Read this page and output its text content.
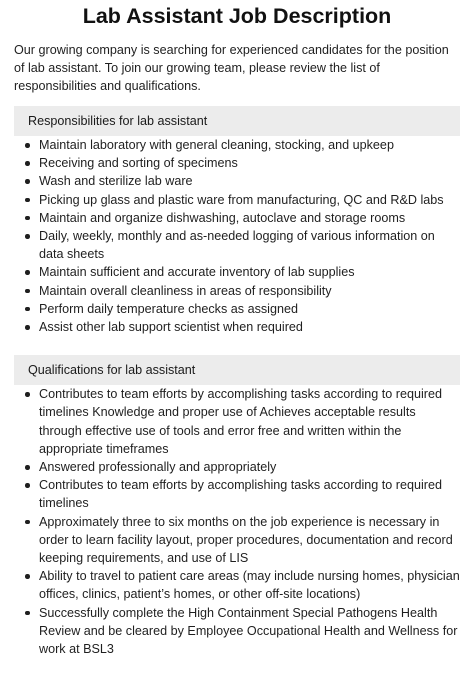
Lab Assistant Job Description

Our growing company is searching for experienced candidates for the position of lab assistant. To join our growing team, please review the list of responsibilities and qualifications.

Responsibilities for lab assistant
Maintain laboratory with general cleaning, stocking, and upkeep
Receiving and sorting of specimens
Wash and sterilize lab ware
Picking up glass and plastic ware from manufacturing, QC and R&D labs
Maintain and organize dishwashing, autoclave and storage rooms
Daily, weekly, monthly and as-needed logging of various information on data sheets
Maintain sufficient and accurate inventory of lab supplies
Maintain overall cleanliness in areas of responsibility
Perform daily temperature checks as assigned
Assist other lab support scientist when required
Qualifications for lab assistant
Contributes to team efforts by accomplishing tasks according to required timelines Knowledge and proper use of Achieves acceptable results through effective use of tools and error free and written within the appropriate timeframes
Answered professionally and appropriately
Contributes to team efforts by accomplishing tasks according to required timelines
Approximately three to six months on the job experience is necessary in order to learn facility layout, proper procedures, documentation and record keeping requirements, and use of LIS
Ability to travel to patient care areas (may include nursing homes, physician offices, clinics, patient’s homes, or other off-site locations)
Successfully complete the High Containment Special Pathogens Health Review and be cleared by Employee Occupational Health and Wellness for work at BSL3
